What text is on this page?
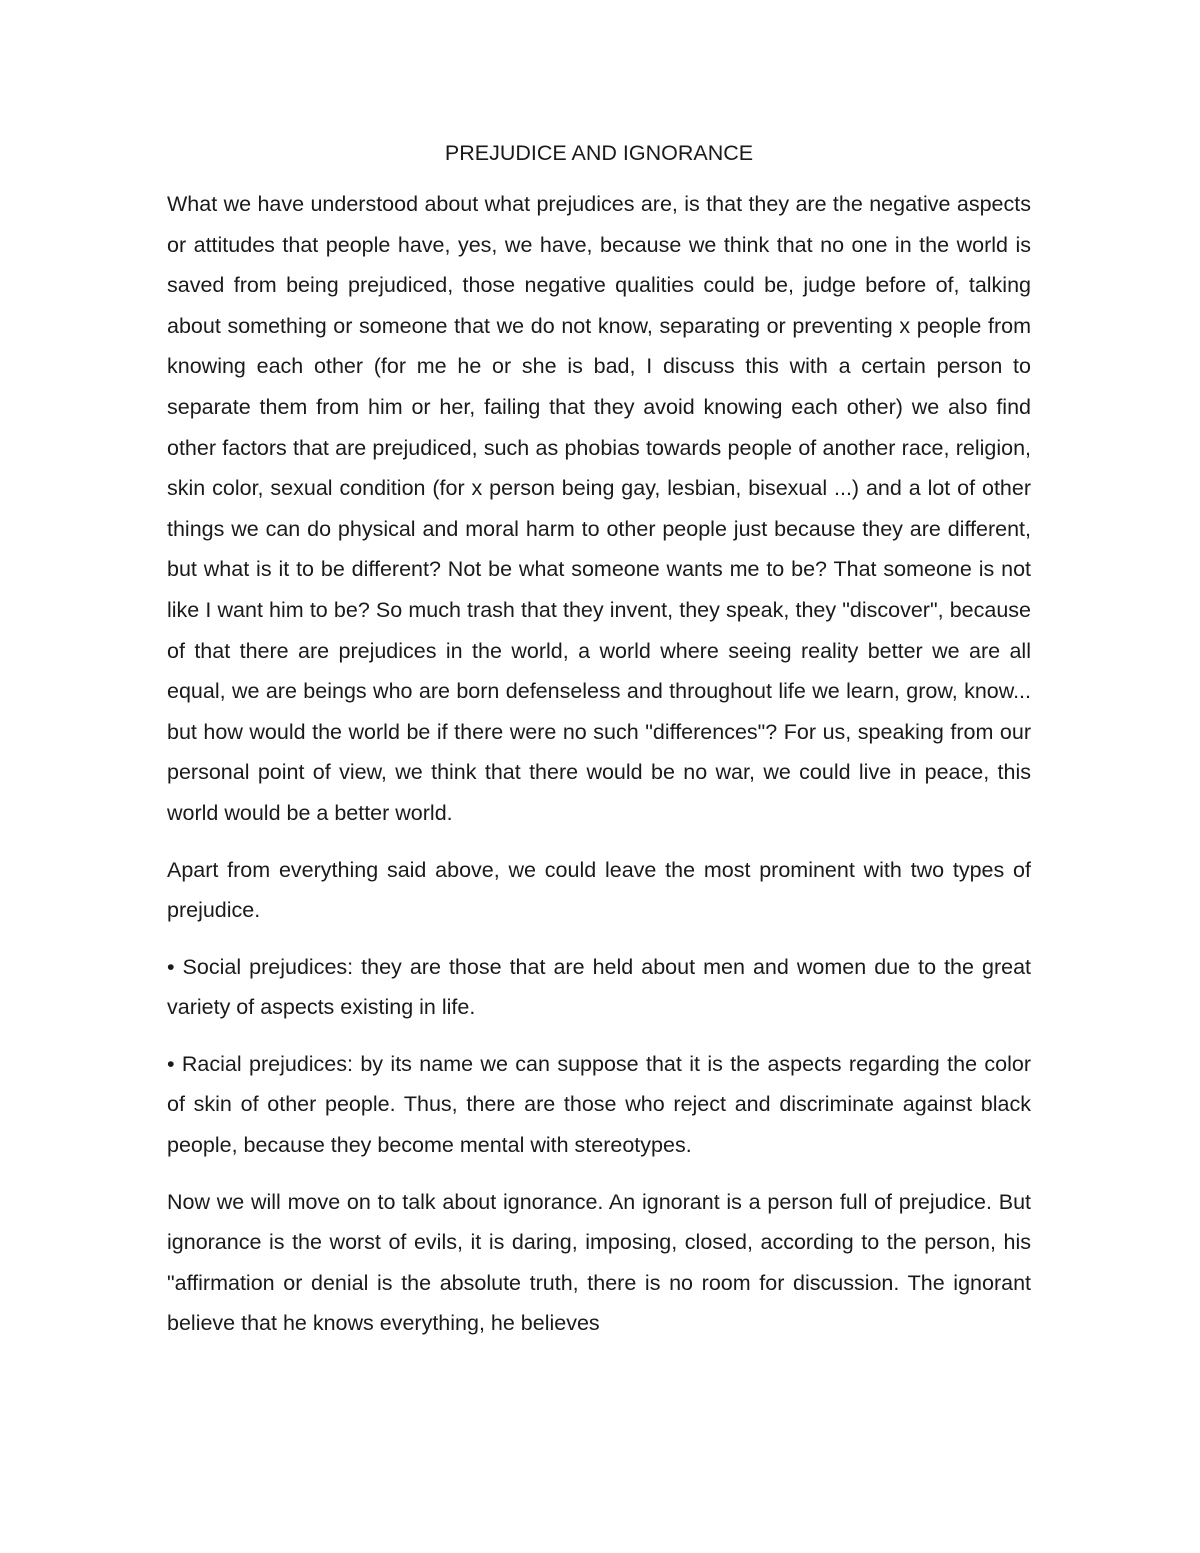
PREJUDICE AND IGNORANCE

What we have understood about what prejudices are, is that they are the negative aspects or attitudes that people have, yes, we have, because we think that no one in the world is saved from being prejudiced, those negative qualities could be, judge before of, talking about something or someone that we do not know, separating or preventing x people from knowing each other (for me he or she is bad, I discuss this with a certain person to separate them from him or her, failing that they avoid knowing each other) we also find other factors that are prejudiced, such as phobias towards people of another race, religion, skin color, sexual condition (for x person being gay, lesbian, bisexual ...) and a lot of other things we can do physical and moral harm to other people just because they are different, but what is it to be different? Not be what someone wants me to be? That someone is not like I want him to be? So much trash that they invent, they speak, they "discover", because of that there are prejudices in the world, a world where seeing reality better we are all equal, we are beings who are born defenseless and throughout life we learn, grow, know... but how would the world be if there were no such "differences"? For us, speaking from our personal point of view, we think that there would be no war, we could live in peace, this world would be a better world.

Apart from everything said above, we could leave the most prominent with two types of prejudice.

• Social prejudices: they are those that are held about men and women due to the great variety of aspects existing in life.

• Racial prejudices: by its name we can suppose that it is the aspects regarding the color of skin of other people. Thus, there are those who reject and discriminate against black people, because they become mental with stereotypes.

Now we will move on to talk about ignorance. An ignorant is a person full of prejudice. But ignorance is the worst of evils, it is daring, imposing, closed, according to the person, his "affirmation or denial is the absolute truth, there is no room for discussion. The ignorant believe that he knows everything, he believes
